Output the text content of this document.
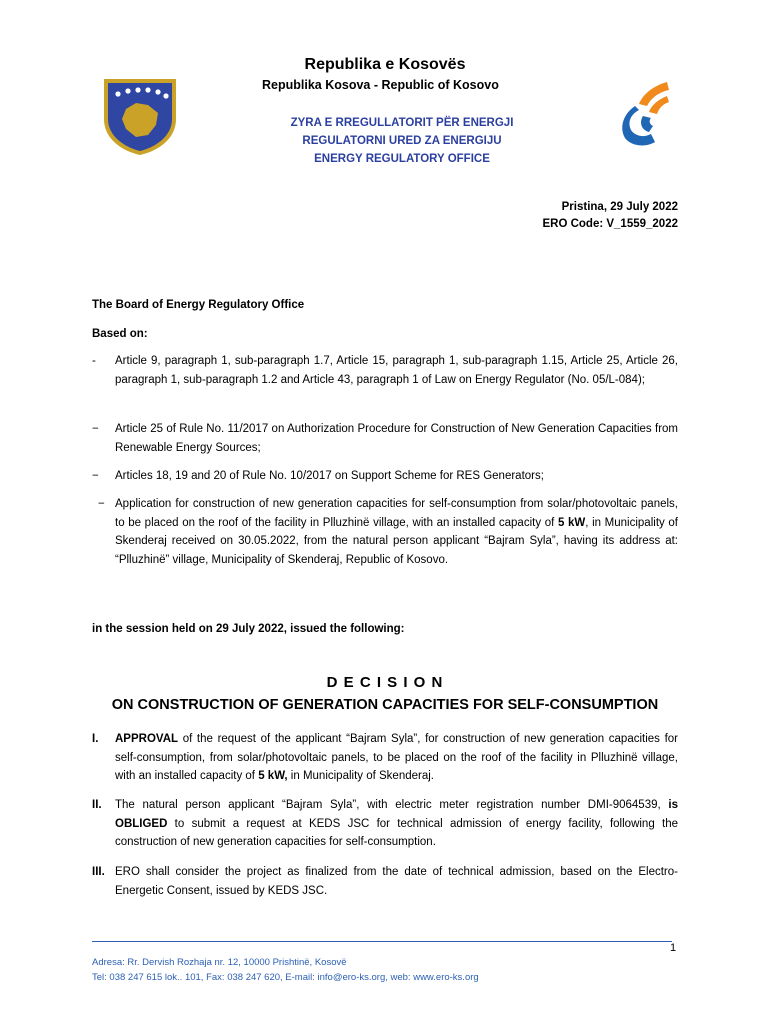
Republika e Kosovës
Republika Kosova - Republic of Kosovo
ZYRA E RREGULLATORIT PËR ENERGJI
REGULATORNI URED ZA ENERGIJU
ENERGY REGULATORY OFFICE
Pristina, 29 July 2022
ERO Code: V_1559_2022
The Board of Energy Regulatory Office
Based on:
-	Article 9, paragraph 1, sub-paragraph 1.7, Article 15, paragraph 1, sub-paragraph 1.15, Article 25, Article 26, paragraph 1, sub-paragraph 1.2 and Article 43, paragraph 1 of Law on Energy Regulator (No. 05/L-084);
−	Article 25 of Rule No. 11/2017 on Authorization Procedure for Construction of New Generation Capacities from Renewable Energy Sources;
−	Articles 18, 19 and 20 of Rule No. 10/2017 on Support Scheme for RES Generators;
− Application for construction of new generation capacities for self-consumption from solar/photovoltaic panels, to be placed on the roof of the facility in Plluzhinë village, with an installed capacity of 5 kW, in Municipality of Skenderaj received on 30.05.2022, from the natural person applicant “Bajram Syla”, having its address at: “Plluzhinë” village, Municipality of Skenderaj, Republic of Kosovo.
in the session held on 29 July 2022, issued the following:
D E C I S I O N
ON CONSTRUCTION OF GENERATION CAPACITIES FOR SELF-CONSUMPTION
I. APPROVAL of the request of the applicant “Bajram Syla”, for construction of new generation capacities for self-consumption, from solar/photovoltaic panels, to be placed on the roof of the facility in Plluzhinë village, with an installed capacity of 5 kW, in Municipality of Skenderaj.
II. The natural person applicant “Bajram Syla”, with electric meter registration number DMI-9064539, is OBLIGED to submit a request at KEDS JSC for technical admission of energy facility, following the construction of new generation capacities for self-consumption.
III. ERO shall consider the project as finalized from the date of technical admission, based on the Electro-Energetic Consent, issued by KEDS JSC.
1
Adresa: Rr. Dervish Rozhaja nr. 12, 10000 Prishtinë, Kosovë
Tel: 038 247 615 lok.. 101, Fax: 038 247 620, E-mail: info@ero-ks.org, web: www.ero-ks.org
